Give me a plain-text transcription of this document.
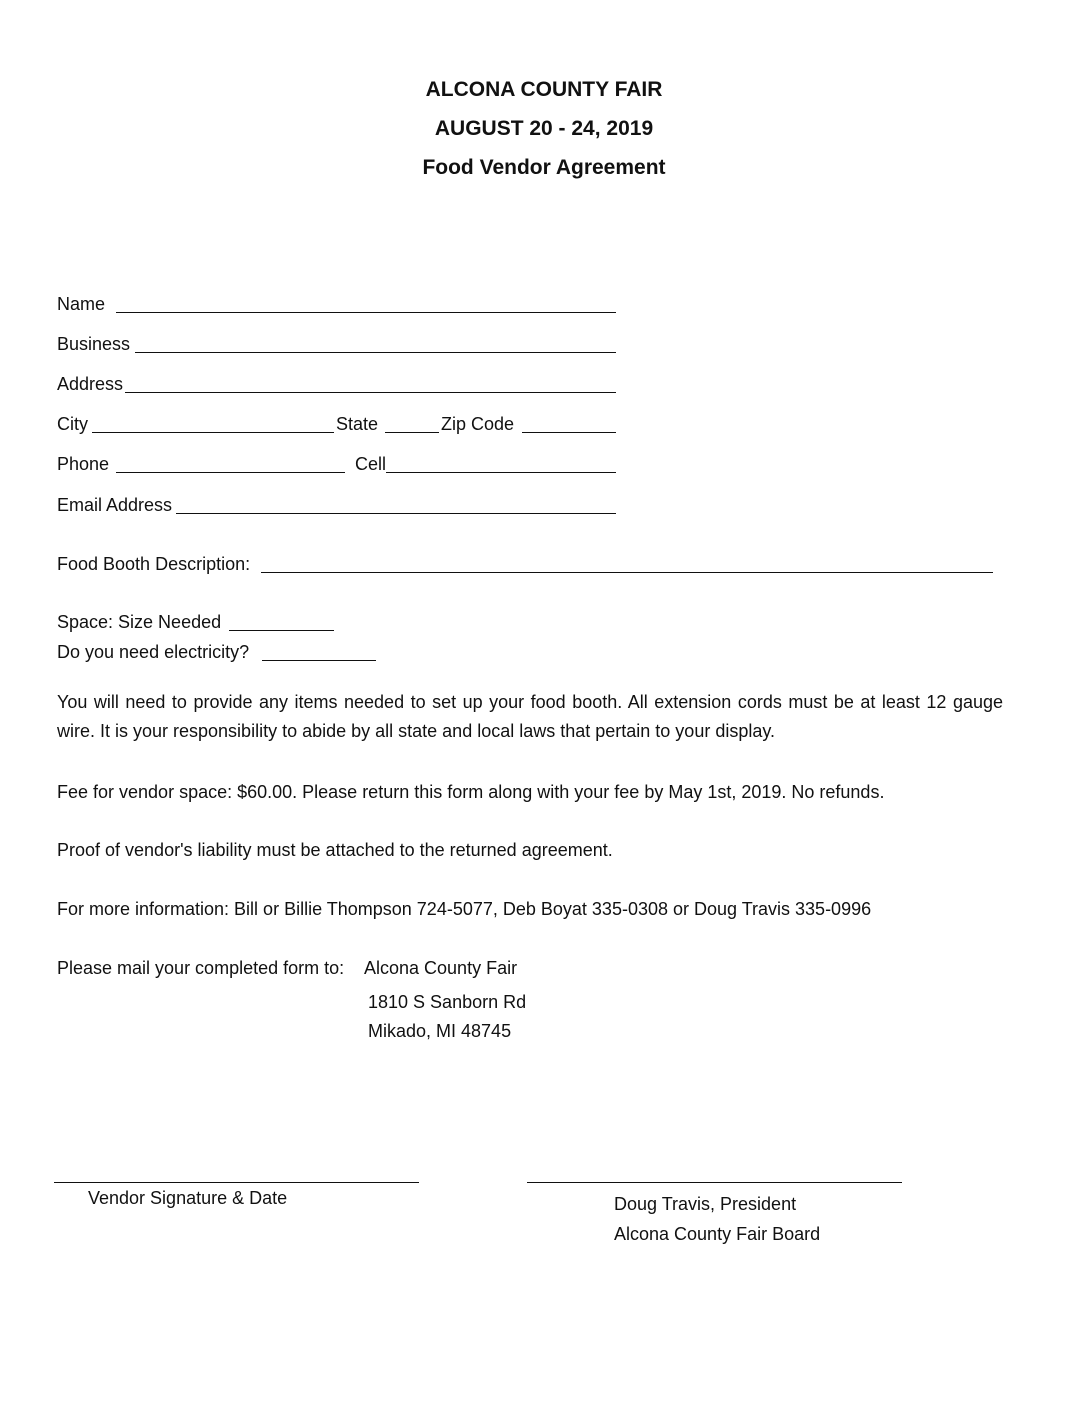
ALCONA COUNTY FAIR
AUGUST 20 - 24, 2019
Food Vendor Agreement
Name
Business
Address
City	State	Zip Code
Phone	Cell
Email Address
Food Booth Description:
Space: Size Needed
Do you need electricity?
You will need to provide any items needed to set up your food booth. All extension cords must be at least 12 gauge wire. It is your responsibility to abide by all state and local laws that pertain to your display.
Fee for vendor space: $60.00. Please return this form along with your fee by May 1st, 2019. No refunds.
Proof of vendor's liability must be attached to the returned agreement.
For more information: Bill or Billie Thompson 724-5077, Deb Boyat 335-0308 or Doug Travis 335-0996
Please mail your completed form to: Alcona County Fair
1810 S Sanborn Rd
Mikado, MI 48745
Vendor Signature & Date	Doug Travis, President
Alcona County Fair Board
